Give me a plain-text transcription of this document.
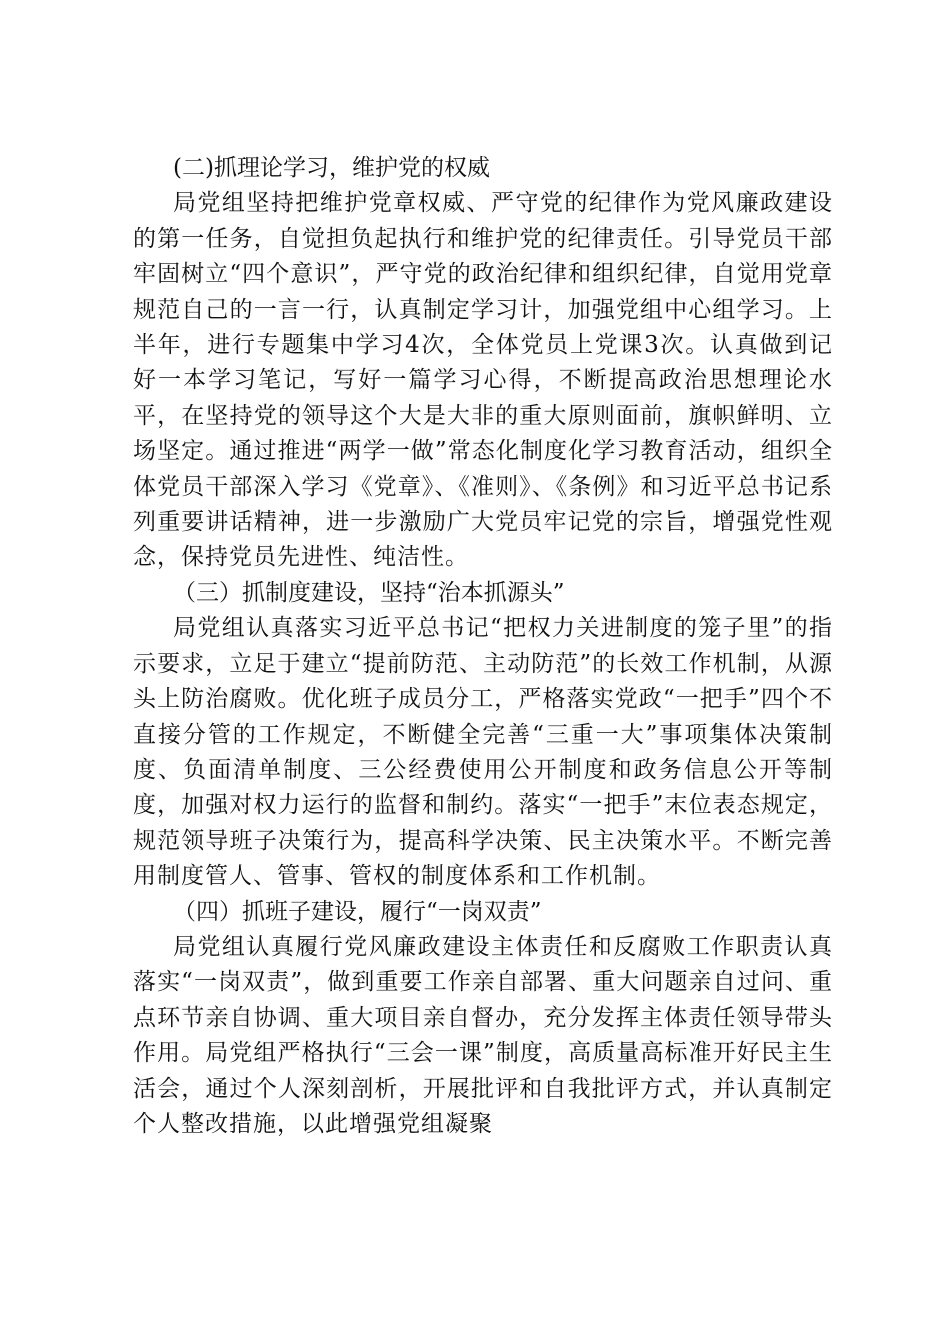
(二)抓理论学习，维护党的权威

局党组坚持把维护党章权威、严守党的纪律作为党风廉政建设的第一任务，自觉担负起执行和维护党的纪律责任。引导党员干部牢固树立“四个意识”，严守党的政治纪律和组织纪律，自觉用党章规范自己的一言一行，认真制定学习计，加强党组中心组学习。上半年，进行专题集中学习4次，全体党员上党课3次。认真做到记好一本学习笔记，写好一篇学习心得，不断提高政治思想理论水平，在坚持党的领导这个大是大非的重大原则面前，旗帜鲜明、立场坚定。通过推进“两学一做”常态化制度化学习教育活动，组织全体党员干部深入学习《党章》、《准则》、《条例》和习近平总书记系列重要讲话精神，进一步激励广大党员牢记党的宗旨，增强党性观念，保持党员先进性、纯洁性。

（三）抓制度建设，坚持“治本抓源头”

局党组认真落实习近平总书记“把权力关进制度的笼子里”的指示要求，立足于建立“提前防范、主动防范”的长效工作机制，从源头上防治腐败。优化班子成员分工，严格落实党政“一把手”四个不直接分管的工作规定，不断健全完善“三重一大”事项集体决策制度、负面清单制度、三公经费使用公开制度和政务信息公开等制度，加强对权力运行的监督和制约。落实“一把手”末位表态规定，规范领导班子决策行为，提高科学决策、民主决策水平。不断完善用制度管人、管事、管权的制度体系和工作机制。

（四）抓班子建设，履行“一岗双责”

局党组认真履行党风廉政建设主体责任和反腐败工作职责认真落实“一岗双责”，做到重要工作亲自部署、重大问题亲自过问、重点环节亲自协调、重大项目亲自督办，充分发挥主体责任领导带头作用。局党组严格执行“三会一课”制度，高质量高标准开好民主生活会，通过个人深刻剖析，开展批评和自我批评方式，并认真制定个人整改措施，以此增强党组凝聚
